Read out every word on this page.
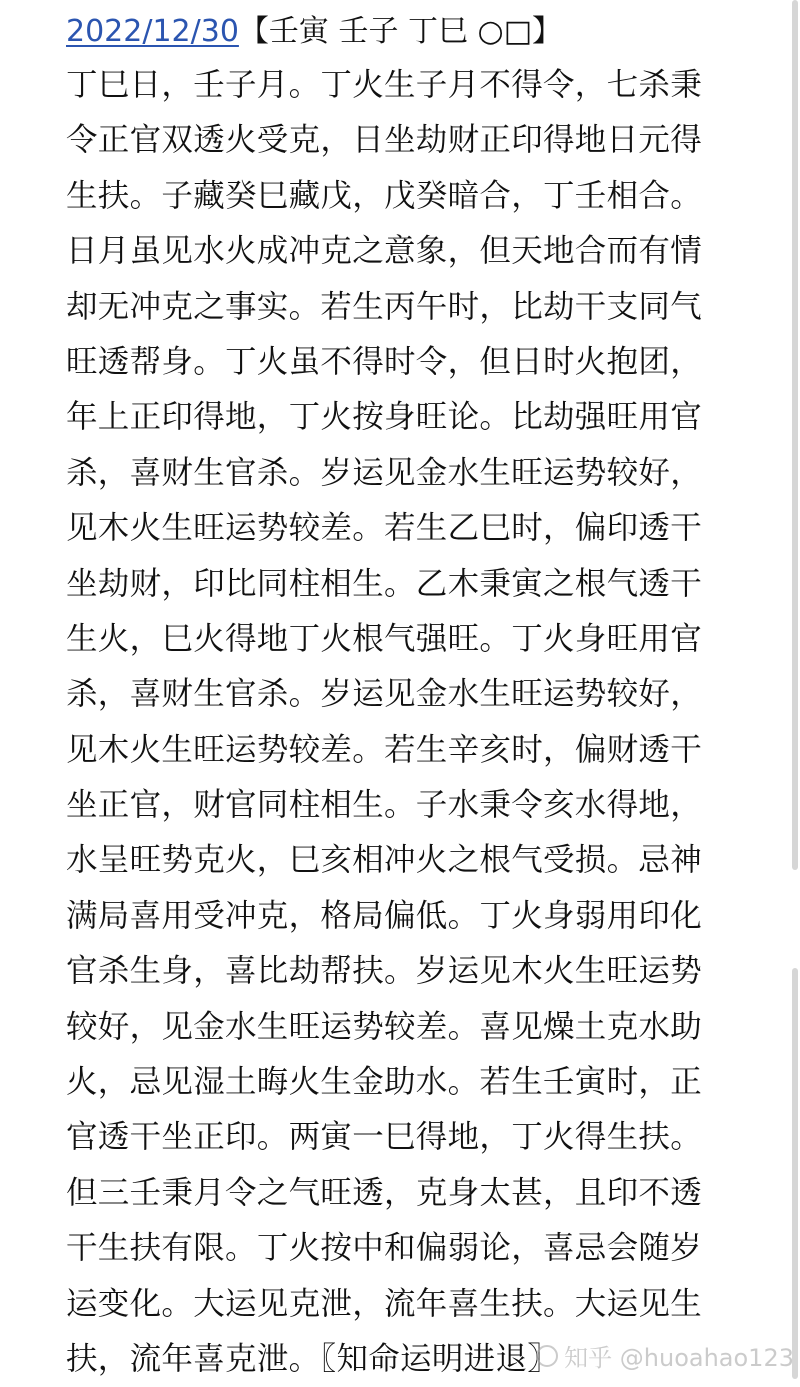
2022/12/30【壬寅 壬子 丁巳 ○□】
丁巳日，壬子月。丁火生子月不得令，七杀秉
令正官双透火受克，日坐劫财正印得地日元得
生扶。子藏癸巳藏戊，戊癸暗合，丁壬相合。
日月虽见水火成冲克之意象，但天地合而有情
却无冲克之事实。若生丙午时，比劫干支同气
旺透帮身。丁火虽不得时令，但日时火抱团，
年上正印得地，丁火按身旺论。比劫强旺用官
杀，喜财生官杀。岁运见金水生旺运势较好，
见木火生旺运势较差。若生乙巳时，偏印透干
坐劫财，印比同柱相生。乙木秉寅之根气透干
生火，巳火得地丁火根气强旺。丁火身旺用官
杀，喜财生官杀。岁运见金水生旺运势较好，
见木火生旺运势较差。若生辛亥时，偏财透干
坐正官，财官同柱相生。子水秉令亥水得地，
水呈旺势克火，巳亥相冲火之根气受损。忌神
满局喜用受冲克，格局偏低。丁火身弱用印化
官杀生身，喜比劫帮扶。岁运见木火生旺运势
较好，见金水生旺运势较差。喜见燥土克水助
火，忌见湿土晦火生金助水。若生壬寅时，正
官透干坐正印。两寅一巳得地，丁火得生扶。
但三壬秉月令之气旺透，克身太甚，且印不透
干生扶有限。丁火按中和偏弱论，喜忌会随岁
运变化。大运见克泄，流年喜生扶。大运见生
扶，流年喜克泄。〖知命运明进退〗 知乎 @huoahao123
